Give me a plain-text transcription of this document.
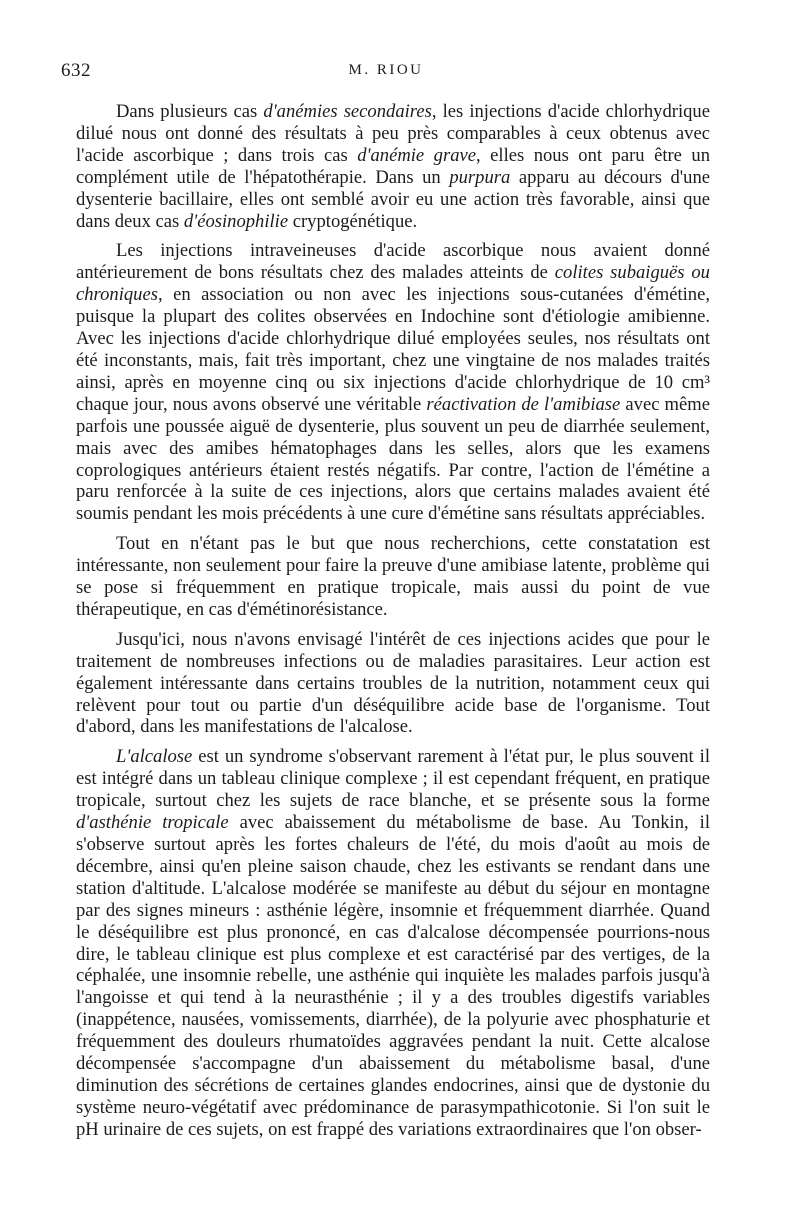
632	M. RIOU

Dans plusieurs cas d'anémies secondaires, les injections d'acide chlorhydrique dilué nous ont donné des résultats à peu près comparables à ceux obtenus avec l'acide ascorbique ; dans trois cas d'anémie grave, elles nous ont paru être un complément utile de l'hépatothérapie. Dans un purpura apparu au décours d'une dysenterie bacillaire, elles ont semblé avoir eu une action très favorable, ainsi que dans deux cas d'éosinophilie cryptogénétique.

Les injections intraveineuses d'acide ascorbique nous avaient donné antérieurement de bons résultats chez des malades atteints de colites subaiguës ou chroniques, en association ou non avec les injections sous-cutanées d'émétine, puisque la plupart des colites observées en Indochine sont d'étiologie amibienne. Avec les injections d'acide chlorhydrique dilué employées seules, nos résultats ont été inconstants, mais, fait très important, chez une vingtaine de nos malades traités ainsi, après en moyenne cinq ou six injections d'acide chlorhydrique de 10 cm³ chaque jour, nous avons observé une véritable réactivation de l'amibiase avec même parfois une poussée aiguë de dysenterie, plus souvent un peu de diarrhée seulement, mais avec des amibes hématophages dans les selles, alors que les examens coprologiques antérieurs étaient restés négatifs. Par contre, l'action de l'émétine a paru renforcée à la suite de ces injections, alors que certains malades avaient été soumis pendant les mois précédents à une cure d'émétine sans résultats appréciables.

Tout en n'étant pas le but que nous recherchions, cette constatation est intéressante, non seulement pour faire la preuve d'une amibiase latente, problème qui se pose si fréquemment en pratique tropicale, mais aussi du point de vue thérapeutique, en cas d'émétinorésistance.

Jusqu'ici, nous n'avons envisagé l'intérêt de ces injections acides que pour le traitement de nombreuses infections ou de maladies parasitaires. Leur action est également intéressante dans certains troubles de la nutrition, notamment ceux qui relèvent pour tout ou partie d'un déséquilibre acide base de l'organisme. Tout d'abord, dans les manifestations de l'alcalose.

L'alcalose est un syndrome s'observant rarement à l'état pur, le plus souvent il est intégré dans un tableau clinique complexe ; il est cependant fréquent, en pratique tropicale, surtout chez les sujets de race blanche, et se présente sous la forme d'asthénie tropicale avec abaissement du métabolisme de base. Au Tonkin, il s'observe surtout après les fortes chaleurs de l'été, du mois d'août au mois de décembre, ainsi qu'en pleine saison chaude, chez les estivants se rendant dans une station d'altitude. L'alcalose modérée se manifeste au début du séjour en montagne par des signes mineurs : asthénie légère, insomnie et fréquemment diarrhée. Quand le déséquilibre est plus prononcé, en cas d'alcalose décompensée pourrions-nous dire, le tableau clinique est plus complexe et est caractérisé par des vertiges, de la céphalée, une insomnie rebelle, une asthénie qui inquiète les malades parfois jusqu'à l'angoisse et qui tend à la neurasthénie ; il y a des troubles digestifs variables (inappétence, nausées, vomissements, diarrhée), de la polyurie avec phosphaturie et fréquemment des douleurs rhumatoïdes aggravées pendant la nuit. Cette alcalose décompensée s'accompagne d'un abaissement du métabolisme basal, d'une diminution des sécrétions de certaines glandes endocrines, ainsi que de dystonie du système neuro-végétatif avec prédominance de parasympathicotonie. Si l'on suit le pH urinaire de ces sujets, on est frappé des variations extraordinaires que l'on obser-
